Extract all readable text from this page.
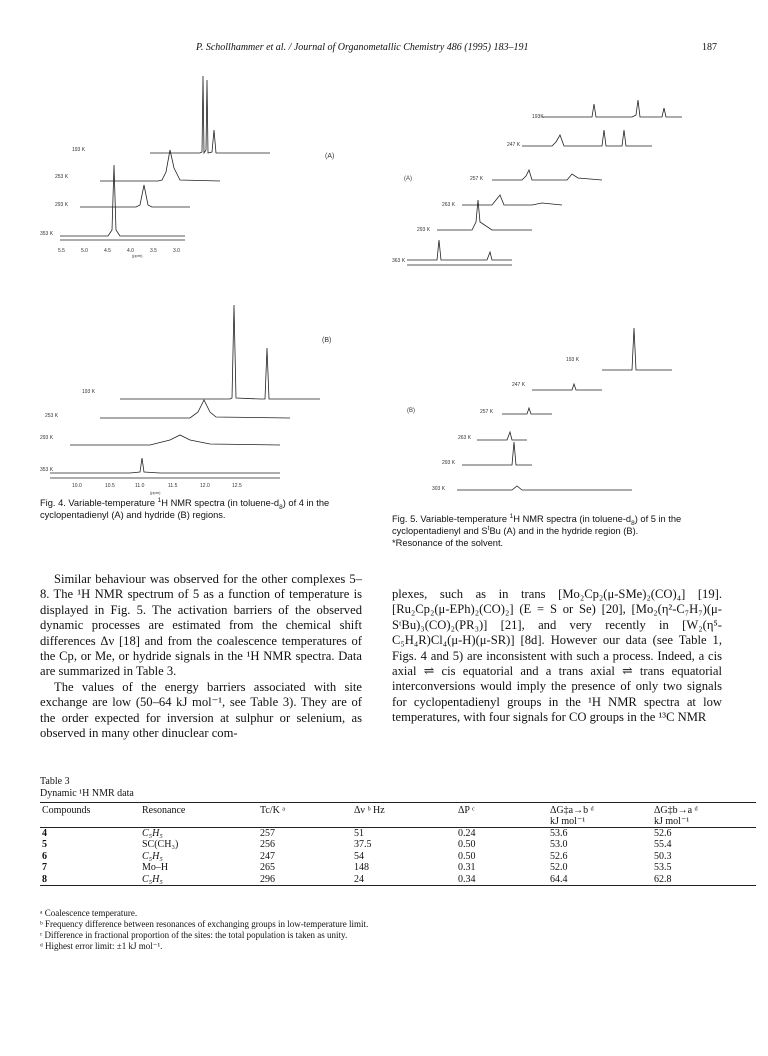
P. Schollhammer et al. / Journal of Organometallic Chemistry 486 (1995) 183–191	187
193 K
253 K
293 K
353 K
(A)
5.5	5.0	4.5	4.0	3.5	3.0
(ppm)
(B)
193 K
253 K
293 K
353 K
10.0	10.5	11.0	11.5	12.0	12.5
(ppm)
Fig. 4. Variable-temperature $^1$H NMR spectra (in toluene-$d_8$) of 4 in the cyclopentadienyl (A) and hydride (B) regions.
193K
247 K
257 K
263 K
293 K
363 K
(A)
193 K
247 K
257 K
263 K
293 K
303 K
(B)
Fig. 5. Variable-temperature $^1$H NMR spectra (in toluene-$d_8$) of 5 in the cyclopentadienyl and $S^tBu$ (A) and in the hydride region (B).
*Resonance of the solvent.

Similar behaviour was observed for the other complexes 5–8. The ¹H NMR spectrum of 5 as a function of temperature is displayed in Fig. 5. The activation barriers of the observed dynamic processes are estimated from the chemical shift differences Δν [18] and from the coalescence temperatures of the Cp, or Me, or hydride signals in the ¹H NMR spectra. Data are summarized in Table 3.

The values of the energy barriers associated with site exchange are low (50–64 kJ mol⁻¹, see Table 3). They are of the order expected for inversion at sulphur or selenium, as observed in many other dinuclear com-

plexes, such as in trans [Mo₂Cp₂(μ-SMe)₂(CO)₄] [19]. [Ru₂Cp₂(μ-EPh)₂(CO)₂] (E = S or Se) [20], [Mo₂(η²-C₇H₇)(μ-SᵗBu)₃(CO)₂(PR₃)] [21], and very recently in [W₂(η⁵-C₅H₄R)Cl₄(μ-H)(μ-SR)] [8d]. However our data (see Table 1, Figs. 4 and 5) are inconsistent with such a process. Indeed, a cis axial ⇌ cis equatorial and a trans axial ⇌ trans equatorial interconversions would imply the presence of only two signals for cyclopentadienyl groups in the ¹H NMR spectra at low temperatures, with four signals for CO groups in the ¹³C NMR

Table 3
Dynamic ¹H NMR data
Compounds	Resonance	Tc/K ᵃ	Δν ᵇ Hz	ΔP ᶜ	ΔG‡a→b ᵈ	ΔG‡b→a ᵈ
					kJ mol⁻¹	kJ mol⁻¹
4	C₅H₅	257	51	0.24	53.6	52.6
5	SC(CH₃)	256	37.5	0.50	53.0	55.4
6	C₅H₅	247	54	0.50	52.6	50.3
7	Mo–H	265	148	0.31	52.0	53.5
8	C₅H₅	296	24	0.34	64.4	62.8
ᵃ Coalescence temperature.
ᵇ Frequency difference between resonances of exchanging groups in low-temperature limit.
ᶜ Difference in fractional proportion of the sites: the total population is taken as unity.
ᵈ Highest error limit: ±1 kJ mol⁻¹.
